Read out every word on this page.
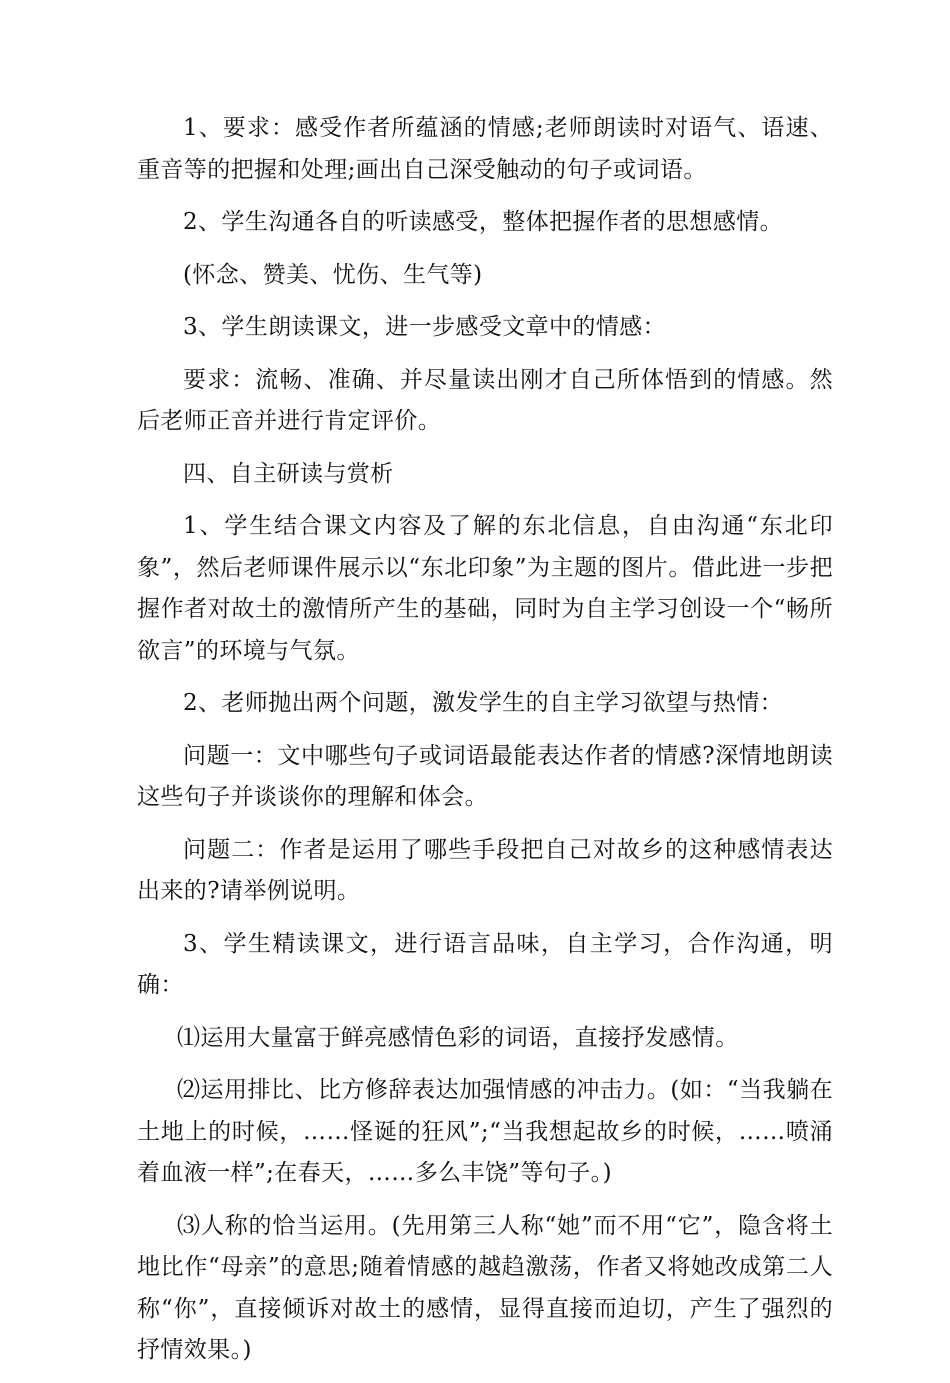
1、要求：感受作者所蕴涵的情感;老师朗读时对语气、语速、重音等的把握和处理;画出自己深受触动的句子或词语。

2、学生沟通各自的听读感受，整体把握作者的思想感情。

(怀念、赞美、忧伤、生气等)

3、学生朗读课文，进一步感受文章中的情感：

要求：流畅、准确、并尽量读出刚才自己所体悟到的情感。然后老师正音并进行肯定评价。

四、自主研读与赏析

1、学生结合课文内容及了解的东北信息，自由沟通“东北印象”，然后老师课件展示以“东北印象”为主题的图片。借此进一步把握作者对故土的激情所产生的基础，同时为自主学习创设一个“畅所欲言”的环境与气氛。

2、老师抛出两个问题，激发学生的自主学习欲望与热情：

问题一：文中哪些句子或词语最能表达作者的情感?深情地朗读这些句子并谈谈你的理解和体会。

问题二：作者是运用了哪些手段把自己对故乡的这种感情表达出来的?请举例说明。

3、学生精读课文，进行语言品味，自主学习，合作沟通，明确：

⑴运用大量富于鲜亮感情色彩的词语，直接抒发感情。

⑵运用排比、比方修辞表达加强情感的冲击力。(如：“当我躺在土地上的时候，……怪诞的狂风”;“当我想起故乡的时候，……喷涌着血液一样”;在春天，……多么丰饶”等句子。)

⑶人称的恰当运用。(先用第三人称“她”而不用“它”，隐含将土地比作“母亲”的意思;随着情感的越趋激荡，作者又将她改成第二人称“你”，直接倾诉对故土的感情，显得直接而迫切，产生了强烈的抒情效果。)
